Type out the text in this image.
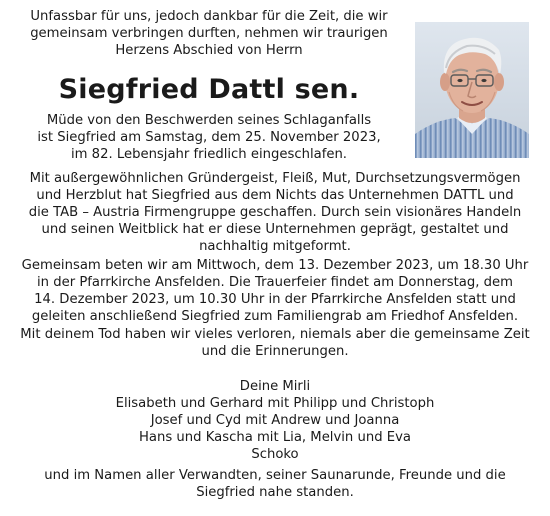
Unfassbar für uns, jedoch dankbar für die Zeit, die wir
gemeinsam verbringen durften, nehmen wir traurigen
Herzens Abschied von Herrn
Siegfried Dattl sen.
Müde von den Beschwerden seines Schlaganfalls
ist Siegfried am Samstag, dem 25. November 2023,
im 82. Lebensjahr friedlich eingeschlafen.
Mit außergewöhnlichen Gründergeist, Fleiß, Mut, Durchsetzungsvermögen
und Herzblut hat Siegfried aus dem Nichts das Unternehmen DATTL und
die TAB – Austria Firmengruppe geschaffen. Durch sein visionäres Handeln
und seinen Weitblick hat er diese Unternehmen geprägt, gestaltet und
nachhaltig mitgeformt.
Gemeinsam beten wir am Mittwoch, dem 13. Dezember 2023, um 18.30 Uhr
in der Pfarrkirche Ansfelden. Die Trauerfeier findet am Donnerstag, dem
14. Dezember 2023, um 10.30 Uhr in der Pfarrkirche Ansfelden statt und
geleiten anschließend Siegfried zum Familiengrab am Friedhof Ansfelden.
Mit deinem Tod haben wir vieles verloren, niemals aber die gemeinsame Zeit
und die Erinnerungen.
Deine Mirli
Elisabeth und Gerhard mit Philipp und Christoph
Josef und Cyd mit Andrew und Joanna
Hans und Kascha mit Lia, Melvin und Eva
Schoko
und im Namen aller Verwandten, seiner Saunarunde, Freunde und die
Siegfried nahe standen.
